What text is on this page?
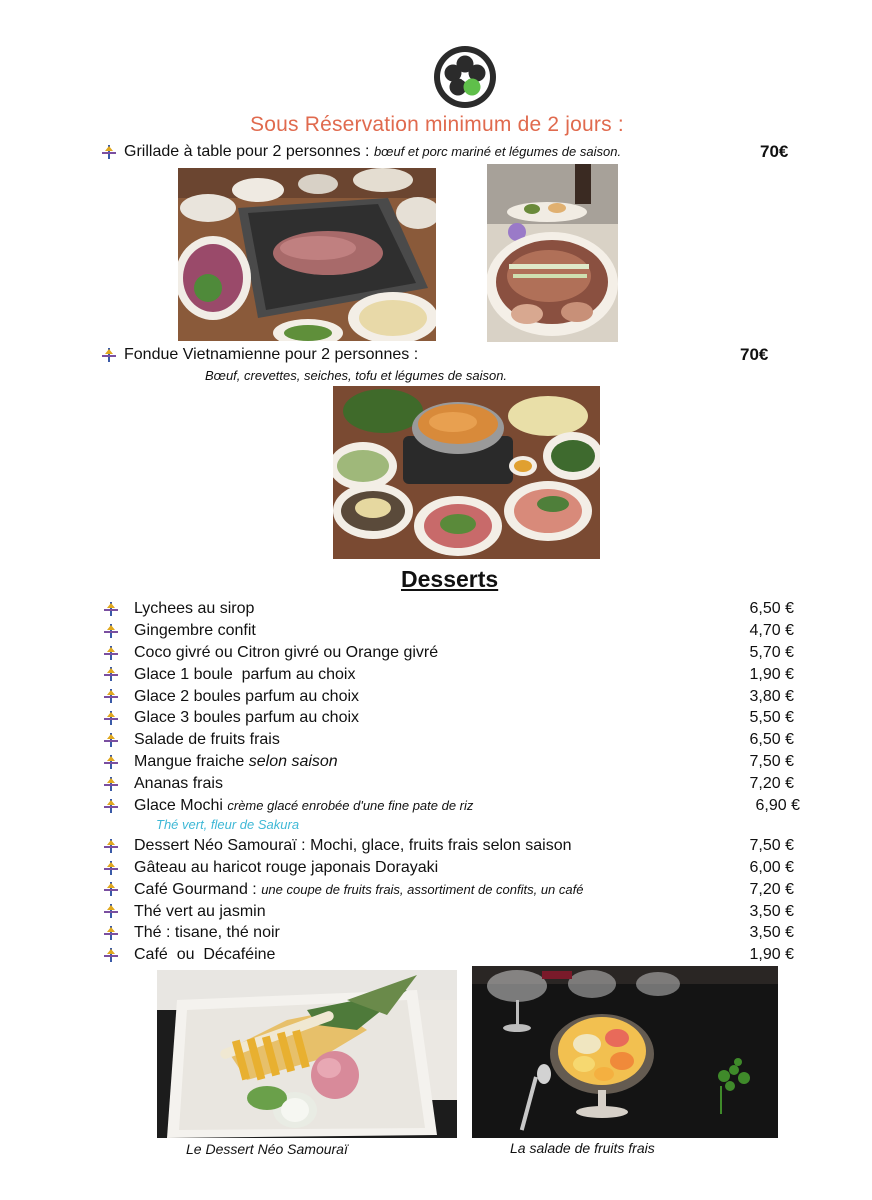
Sous Réservation minimum de 2 jours :
Grillade à table pour 2 personnes : bœuf et porc mariné et légumes de saison.	70€
Fondue Vietnamienne pour 2 personnes :	70€
Bœuf, crevettes, seiches, tofu et légumes de saison.
Desserts
Lychees au sirop	6,50 €
Gingembre confit	4,70 €
Coco givré ou Citron givré ou Orange givré	5,70 €
Glace 1 boule  parfum au choix	1,90 €
Glace 2 boules parfum au choix	3,80 €
Glace 3 boules parfum au choix	5,50 €
Salade de fruits frais	6,50 €
Mangue fraiche selon saison	7,50 €
Ananas frais	7,20 €
Glace Mochi crème glacé enrobée d'une fine pate de riz	6,90 €
Thé vert, fleur de Sakura
Dessert Néo Samouraï : Mochi, glace, fruits frais selon saison	7,50 €
Gâteau au haricot rouge japonais Dorayaki	6,00 €
Café Gourmand : une coupe de fruits frais, assortiment de confits, un café	7,20 €
Thé vert au jasmin	3,50 €
Thé : tisane, thé noir	3,50 €
Café  ou  Décaféine	1,90 €
Le Dessert Néo Samouraï	La salade de fruits frais
